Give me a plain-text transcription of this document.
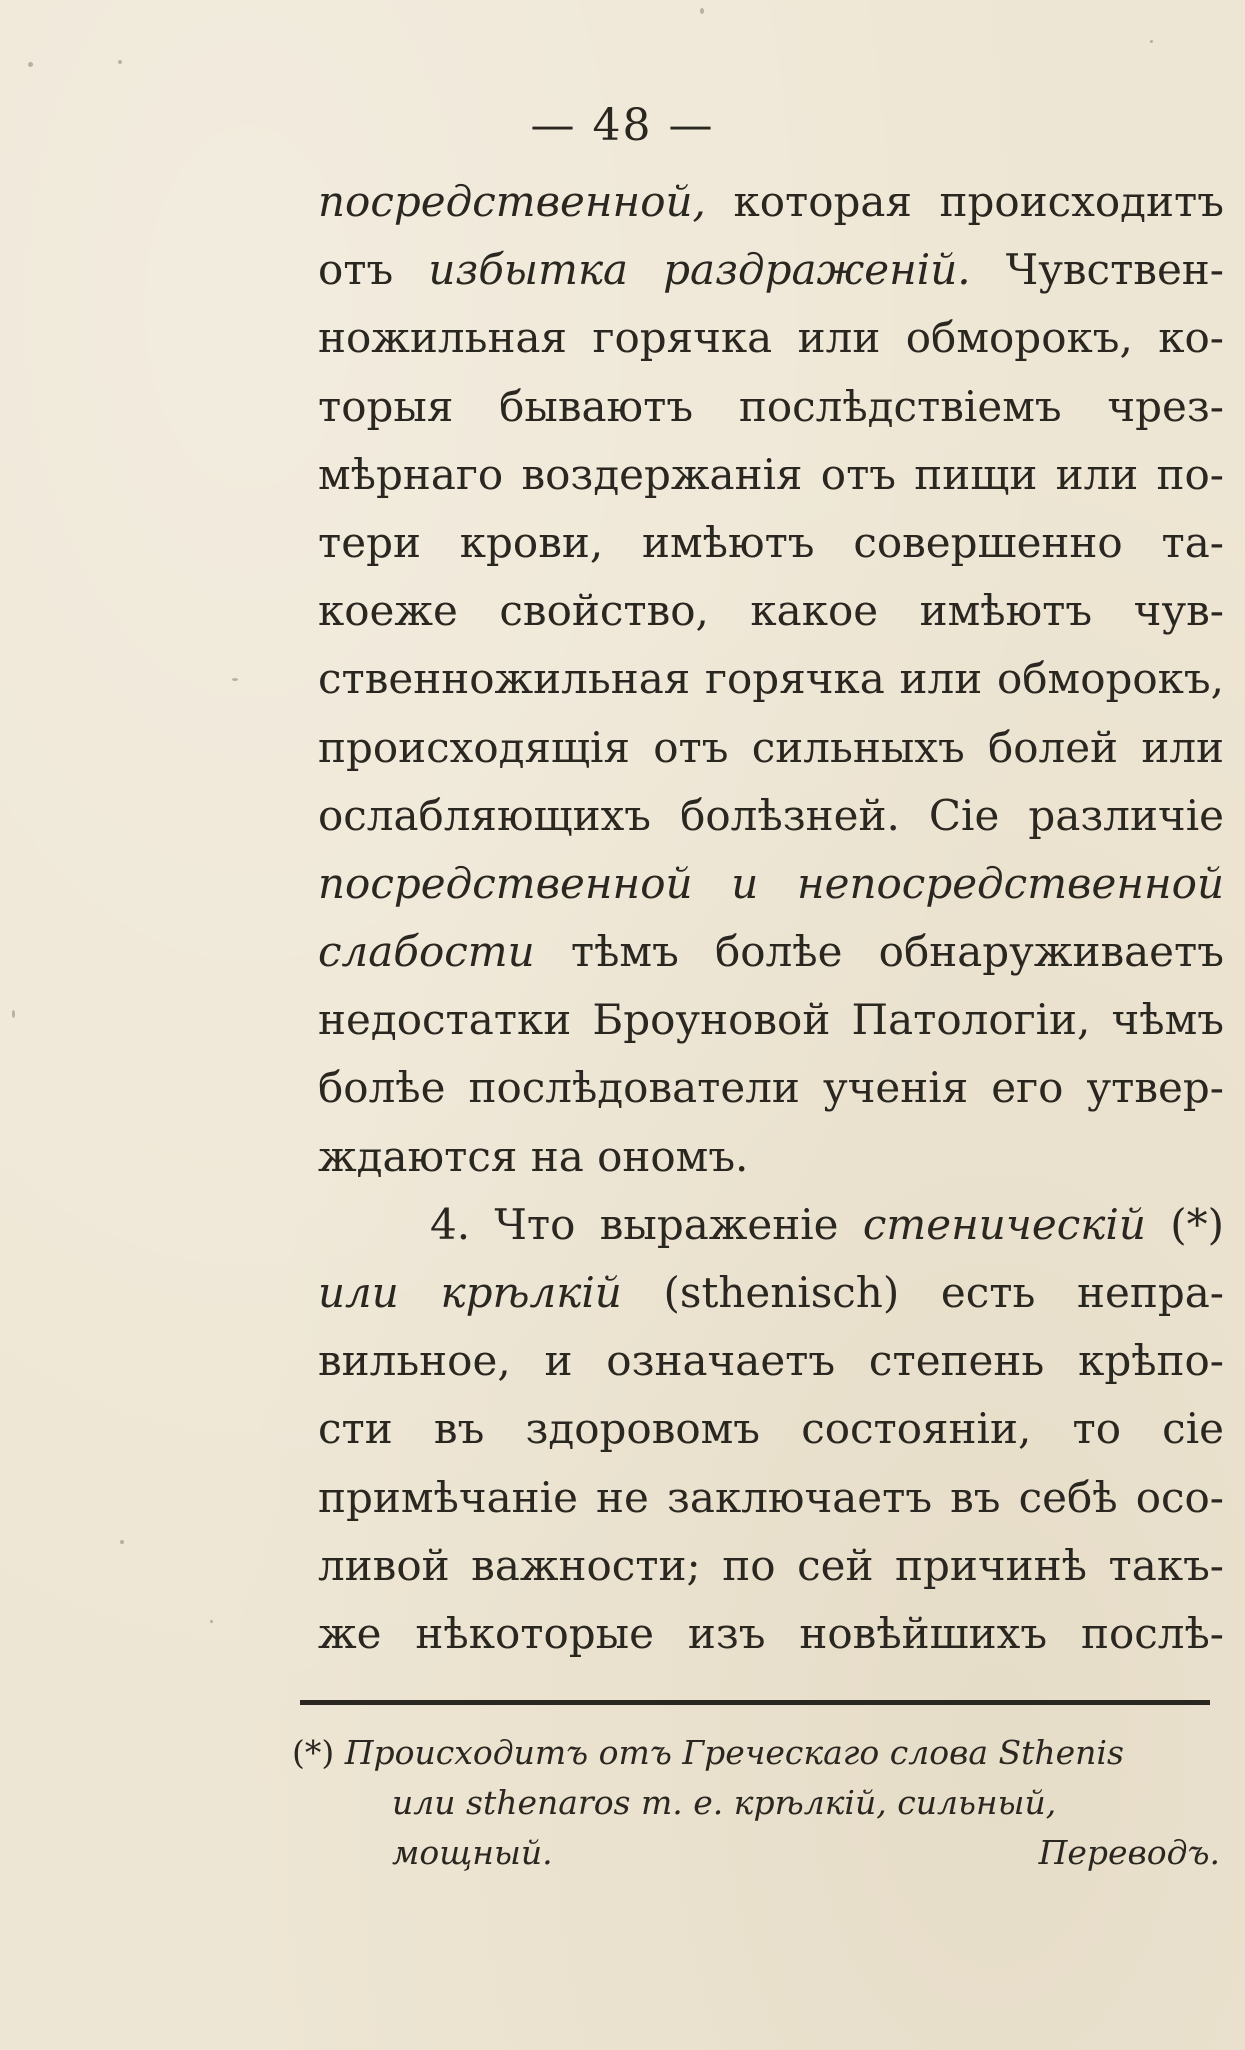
— 48 —
посредственной, которая происходитъ
отъ избытка раздраженій. Чувствен-
ножильная горячка или обморокъ, ко-
торыя бываютъ послѣдствіемъ чрез-
мѣрнаго воздержанія отъ пищи или по-
тери крови, имѣютъ совершенно та-
коеже свойство, какое имѣютъ чув-
ственножильная горячка или обморокъ,
происходящія отъ сильныхъ болей или
ослабляющихъ болѣзней. Сіе различіе
посредственной и непосредственной
слабости тѣмъ болѣе обнаруживаетъ
недостатки Броуновой Патологіи, чѣмъ
болѣе послѣдователи ученія его утвер-
ждаются на ономъ.
4. Что выраженіе стеническій (*)
или крѣлкій (sthenisch) есть непра-
вильное, и означаетъ степень крѣпо-
сти въ здоровомъ состояніи, то сіе
примѣчаніе не заключаетъ въ себѣ осо-
ливой важности; по сей причинѣ такъ-
же нѣкоторые изъ новѣйшихъ послѣ-
(*) Происходитъ отъ Греческаго слова Sthenis
или sthenaros т. е. крѣлкій, сильный,
мощный.	Переводъ.
